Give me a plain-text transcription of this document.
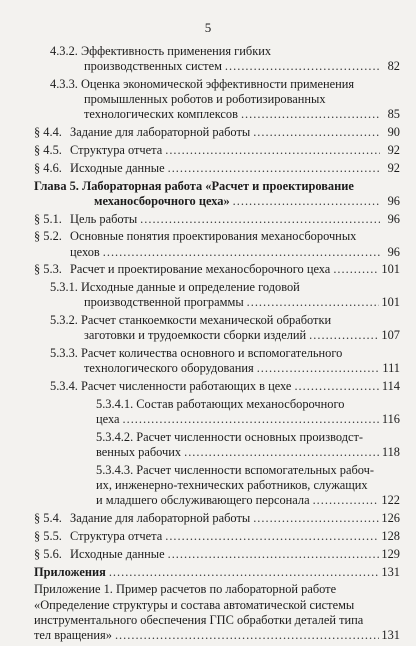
5
4.3.2. Эффективность применения гибких
производственных систем .....	82
4.3.3. Оценка экономической эффективности применения
промышленных роботов и роботизированных
технологических комплексов .....	85
§ 4.4. Задание для лабораторной работы .....	90
§ 4.5. Структура отчета .....	92
§ 4.6. Исходные данные .....	92
Глава 5. Лабораторная работа «Расчет и проектирование
механосборочного цеха» .....	96
§ 5.1. Цель работы .....	96
§ 5.2. Основные понятия проектирования механосборочных
цехов .....	96
§ 5.3. Расчет и проектирование механосборочного цеха .....	101
5.3.1. Исходные данные и определение годовой
производственной программы .....	101
5.3.2. Расчет станкоемкости механической обработки
заготовки и трудоемкости сборки изделий .....	107
5.3.3. Расчет количества основного и вспомогательного
технологического оборудования .....	111
5.3.4. Расчет численности работающих в цехе .....	114
5.3.4.1. Состав работающих механосборочного
цеха .....	116
5.3.4.2. Расчет численности основных производст-
венных рабочих .....	118
5.3.4.3. Расчет численности вспомогательных рабоч-
их, инженерно-технических работников, служащих
и младшего обслуживающего персонала .....	122
§ 5.4. Задание для лабораторной работы .....	126
§ 5.5. Структура отчета .....	128
§ 5.6. Исходные данные .....	129
Приложения .....	131
Приложение 1. Пример расчетов по лабораторной работе
«Определение структуры и состава автоматической системы
инструментального обеспечения ГПС обработки деталей типа
тел вращения» .....	131
